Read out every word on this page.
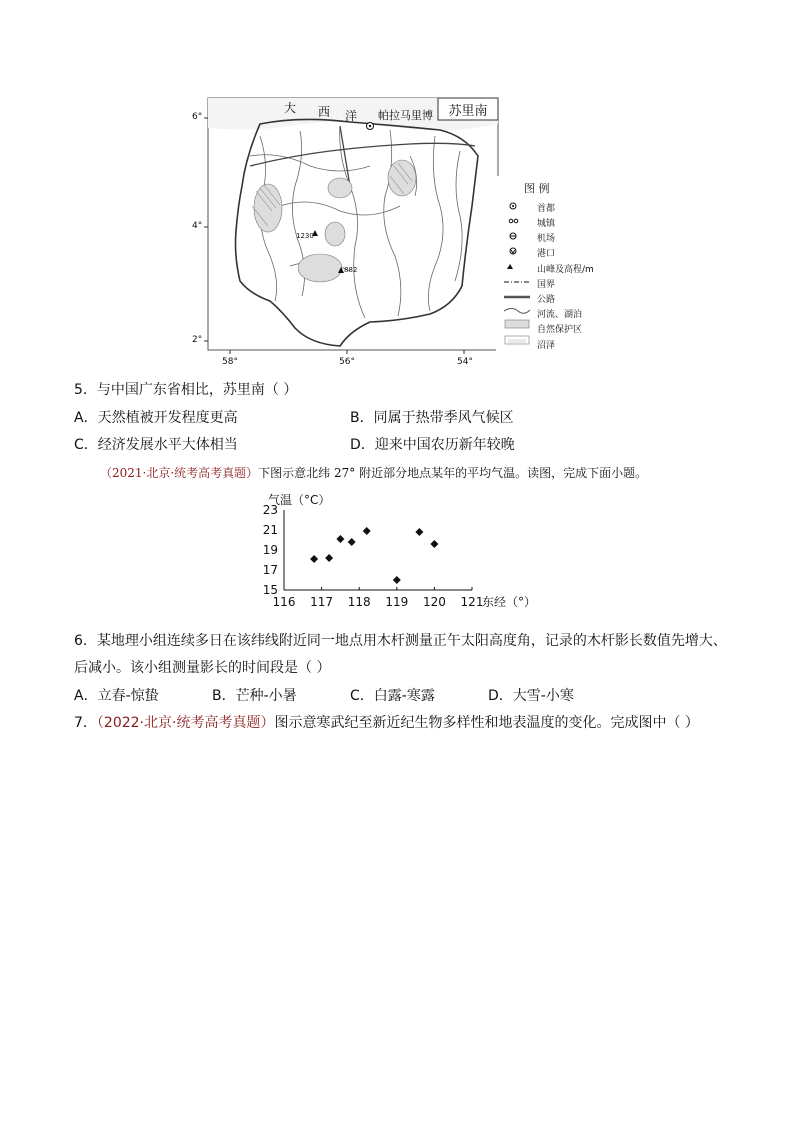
苏里南
大 西 洋 帕拉马里博
6°
4°
2°
58°	56°	54°
1230
882
图 例
首都
城镇
机场
港口
山峰及高程/m
国界
公路
河流、湖泊
自然保护区
沼泽
5．与中国广东省相比，苏里南（ ）
A．天然植被开发程度更高	B．同属于热带季风气候区
C．经济发展水平大体相当	D．迎来中国农历新年较晚
（2021·北京·统考高考真题）下图示意北纬 27° 附近部分地点某年的平均气温。读图，完成下面小题。
23
21
19
17
15
116 117 118 119 120 121
气温（°C）
东经（°）
6．某地理小组连续多日在该纬线附近同一地点用木杆测量正午太阳高度角，记录的木杆影长数值先增大、
后减小。该小组测量影长的时间段是（ ）
A．立春-惊蛰	B．芒种-小暑	C．白露-寒露	D．大雪-小寒
7．（2022·北京·统考高考真题）图示意寒武纪至新近纪生物多样性和地表温度的变化。完成图中（ ）
